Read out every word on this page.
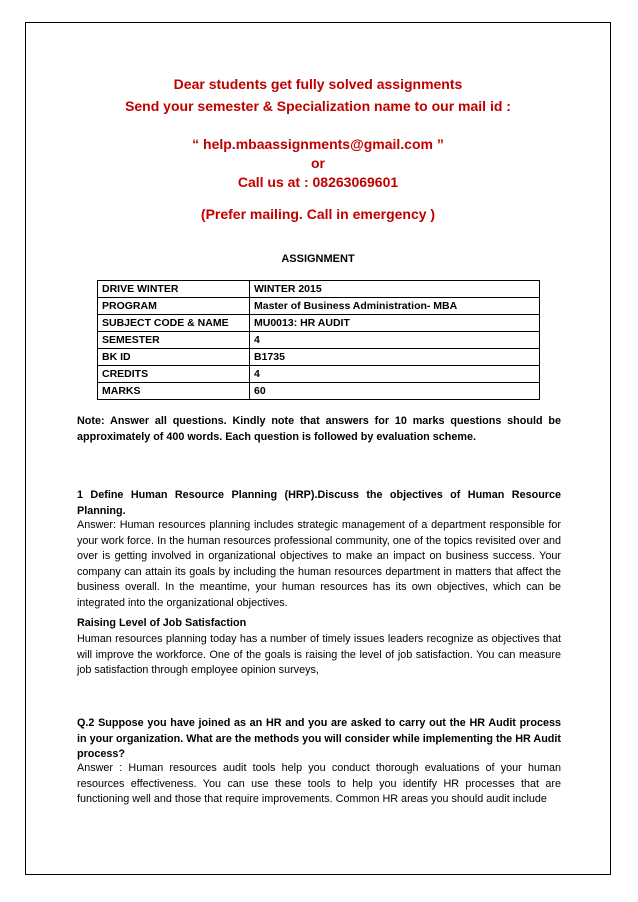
Dear students get fully solved assignments
Send your semester & Specialization name to our mail id :
“ help.mbaassignments@gmail.com ”
or
Call us at : 08263069601
(Prefer mailing. Call in emergency )
ASSIGNMENT
DRIVE WINTER	WINTER 2015
PROGRAM	Master of Business Administration- MBA
SUBJECT CODE & NAME	MU0013: HR AUDIT
SEMESTER	4
BK ID	B1735
CREDITS	4
MARKS	60
Note: Answer all questions. Kindly note that answers for 10 marks questions should be approximately of 400 words. Each question is followed by evaluation scheme.
1 Define Human Resource Planning (HRP).Discuss the objectives of Human Resource Planning.
Answer: Human resources planning includes strategic management of a department responsible for your work force. In the human resources professional community, one of the topics revisited over and over is getting involved in organizational objectives to make an impact on business success. Your company can attain its goals by including the human resources department in matters that affect the business overall. In the meantime, your human resources has its own objectives, which can be integrated into the organizational objectives.
Raising Level of Job Satisfaction
Human resources planning today has a number of timely issues leaders recognize as objectives that will improve the workforce. One of the goals is raising the level of job satisfaction. You can measure job satisfaction through employee opinion surveys,
Q.2 Suppose you have joined as an HR and you are asked to carry out the HR Audit process in your organization. What are the methods you will consider while implementing the HR Audit process?
Answer : Human resources audit tools help you conduct thorough evaluations of your human resources effectiveness. You can use these tools to help you identify HR processes that are functioning well and those that require improvements. Common HR areas you should audit include
